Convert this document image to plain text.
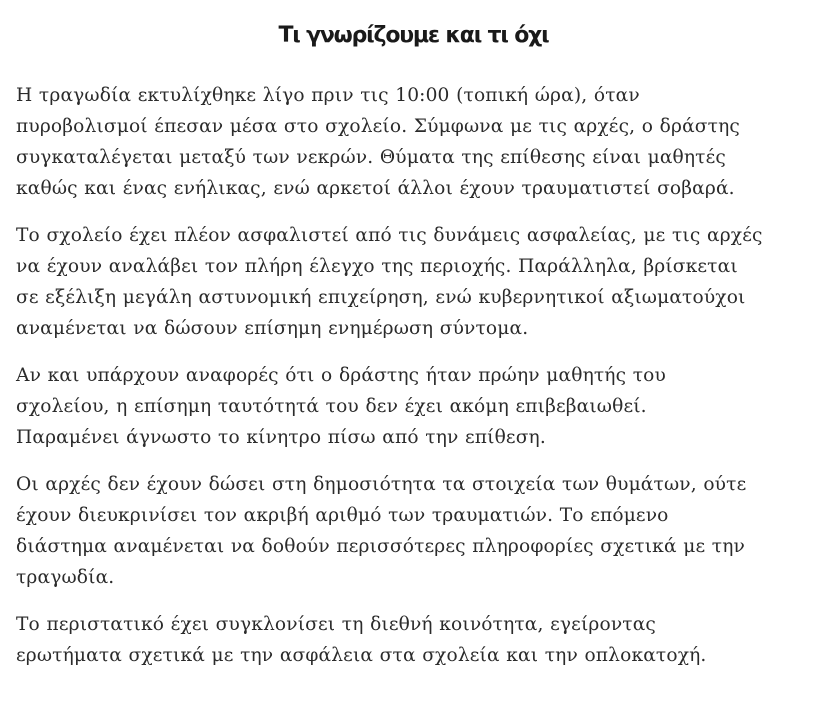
Τι γνωρίζουμε και τι όχι

Η τραγωδία εκτυλίχθηκε λίγο πριν τις 10:00 (τοπική ώρα), όταν
πυροβολισμοί έπεσαν μέσα στο σχολείο. Σύμφωνα με τις αρχές, ο δράστης
συγκαταλέγεται μεταξύ των νεκρών. Θύματα της επίθεσης είναι μαθητές
καθώς και ένας ενήλικας, ενώ αρκετοί άλλοι έχουν τραυματιστεί σοβαρά.

Το σχολείο έχει πλέον ασφαλιστεί από τις δυνάμεις ασφαλείας, με τις αρχές
να έχουν αναλάβει τον πλήρη έλεγχο της περιοχής. Παράλληλα, βρίσκεται
σε εξέλιξη μεγάλη αστυνομική επιχείρηση, ενώ κυβερνητικοί αξιωματούχοι
αναμένεται να δώσουν επίσημη ενημέρωση σύντομα.

Αν και υπάρχουν αναφορές ότι ο δράστης ήταν πρώην μαθητής του
σχολείου, η επίσημη ταυτότητά του δεν έχει ακόμη επιβεβαιωθεί.
Παραμένει άγνωστο το κίνητρο πίσω από την επίθεση.

Οι αρχές δεν έχουν δώσει στη δημοσιότητα τα στοιχεία των θυμάτων, ούτε
έχουν διευκρινίσει τον ακριβή αριθμό των τραυματιών. Το επόμενο
διάστημα αναμένεται να δοθούν περισσότερες πληροφορίες σχετικά με την
τραγωδία.

Το περιστατικό έχει συγκλονίσει τη διεθνή κοινότητα, εγείροντας
ερωτήματα σχετικά με την ασφάλεια στα σχολεία και την οπλοκατοχή.
